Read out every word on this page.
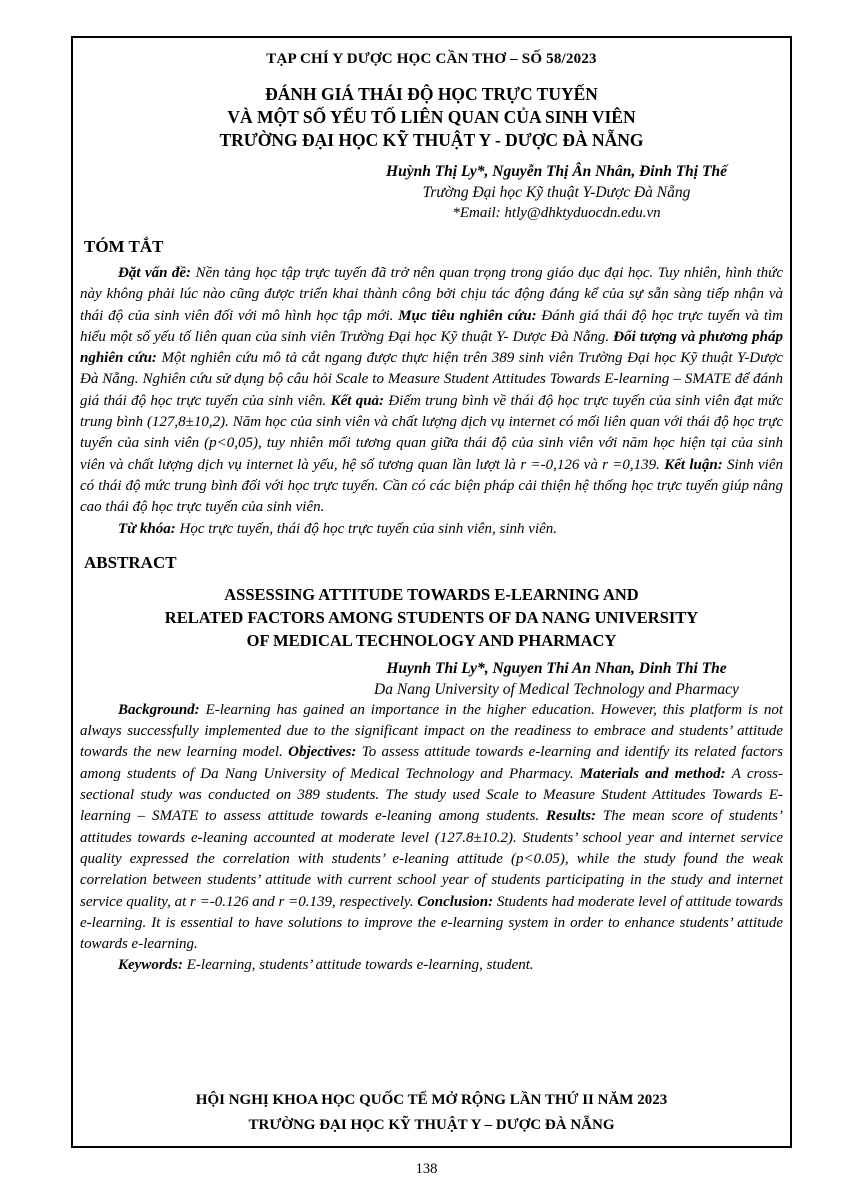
TẠP CHÍ Y DƯỢC HỌC CẦN THƠ – SỐ 58/2023
ĐÁNH GIÁ THÁI ĐỘ HỌC TRỰC TUYẾN
VÀ MỘT SỐ YẾU TỐ LIÊN QUAN CỦA SINH VIÊN
TRƯỜNG ĐẠI HỌC KỸ THUẬT Y - DƯỢC ĐÀ NẴNG
Huỳnh Thị Ly*, Nguyễn Thị Ân Nhân, Đinh Thị Thế
Trường Đại học Kỹ thuật Y-Dược Đà Nẵng
*Email: htly@dhktyduocdn.edu.vn
TÓM TẮT

Đặt vấn đề: Nền tảng học tập trực tuyến đã trở nên quan trọng trong giáo dục đại học. Tuy nhiên, hình thức này không phải lúc nào cũng được triển khai thành công bởi chịu tác động đáng kể của sự sẵn sàng tiếp nhận và thái độ của sinh viên đối với mô hình học tập mới. Mục tiêu nghiên cứu: Đánh giá thái độ học trực tuyến và tìm hiểu một số yếu tố liên quan của sinh viên Trường Đại học Kỹ thuật Y- Dược Đà Nẵng. Đối tượng và phương pháp nghiên cứu: Một nghiên cứu mô tả cắt ngang được thực hiện trên 389 sinh viên Trường Đại học Kỹ thuật Y-Dược Đà Nẵng. Nghiên cứu sử dụng bộ câu hỏi Scale to Measure Student Attitudes Towards E-learning – SMATE để đánh giá thái độ học trực tuyến của sinh viên. Kết quả: Điểm trung bình về thái độ học trực tuyến của sinh viên đạt mức trung bình (127,8±10,2). Năm học của sinh viên và chất lượng dịch vụ internet có mối liên quan với thái độ học trực tuyến của sinh viên (p<0,05), tuy nhiên mối tương quan giữa thái độ của sinh viên với năm học hiện tại của sinh viên và chất lượng dịch vụ internet là yếu, hệ số tương quan lần lượt là r =-0,126 và r =0,139. Kết luận: Sinh viên có thái độ mức trung bình đối với học trực tuyến. Cần có các biện pháp cải thiện hệ thống học trực tuyến giúp nâng cao thái độ học trực tuyến của sinh viên.

Từ khóa: Học trực tuyến, thái độ học trực tuyến của sinh viên, sinh viên.

ABSTRACT
ASSESSING ATTITUDE TOWARDS E-LEARNING AND
RELATED FACTORS AMONG STUDENTS OF DA NANG UNIVERSITY
OF MEDICAL TECHNOLOGY AND PHARMACY
Huynh Thi Ly*, Nguyen Thi An Nhan, Dinh Thi The
Da Nang University of Medical Technology and Pharmacy

Background: E-learning has gained an importance in the higher education. However, this platform is not always successfully implemented due to the significant impact on the readiness to embrace and students’ attitude towards the new learning model. Objectives: To assess attitude towards e-learning and identify its related factors among students of Da Nang University of Medical Technology and Pharmacy. Materials and method: A cross-sectional study was conducted on 389 students. The study used Scale to Measure Student Attitudes Towards E-learning – SMATE to assess attitude towards e-leaning among students. Results: The mean score of students’ attitudes towards e-leaning accounted at moderate level (127.8±10.2). Students’ school year and internet service quality expressed the correlation with students’ e-leaning attitude (p<0.05), while the study found the weak correlation between students’ attitude with current school year of students participating in the study and internet service quality, at r =-0.126 and r =0.139, respectively. Conclusion: Students had moderate level of attitude towards e-learning. It is essential to have solutions to improve the e-learning system in order to enhance students’ attitude towards e-learning.

Keywords: E-learning, students’ attitude towards e-learning, student.

HỘI NGHỊ KHOA HỌC QUỐC TẾ MỞ RỘNG LẦN THỨ II NĂM 2023
TRƯỜNG ĐẠI HỌC KỸ THUẬT Y – DƯỢC ĐÀ NẴNG
138
